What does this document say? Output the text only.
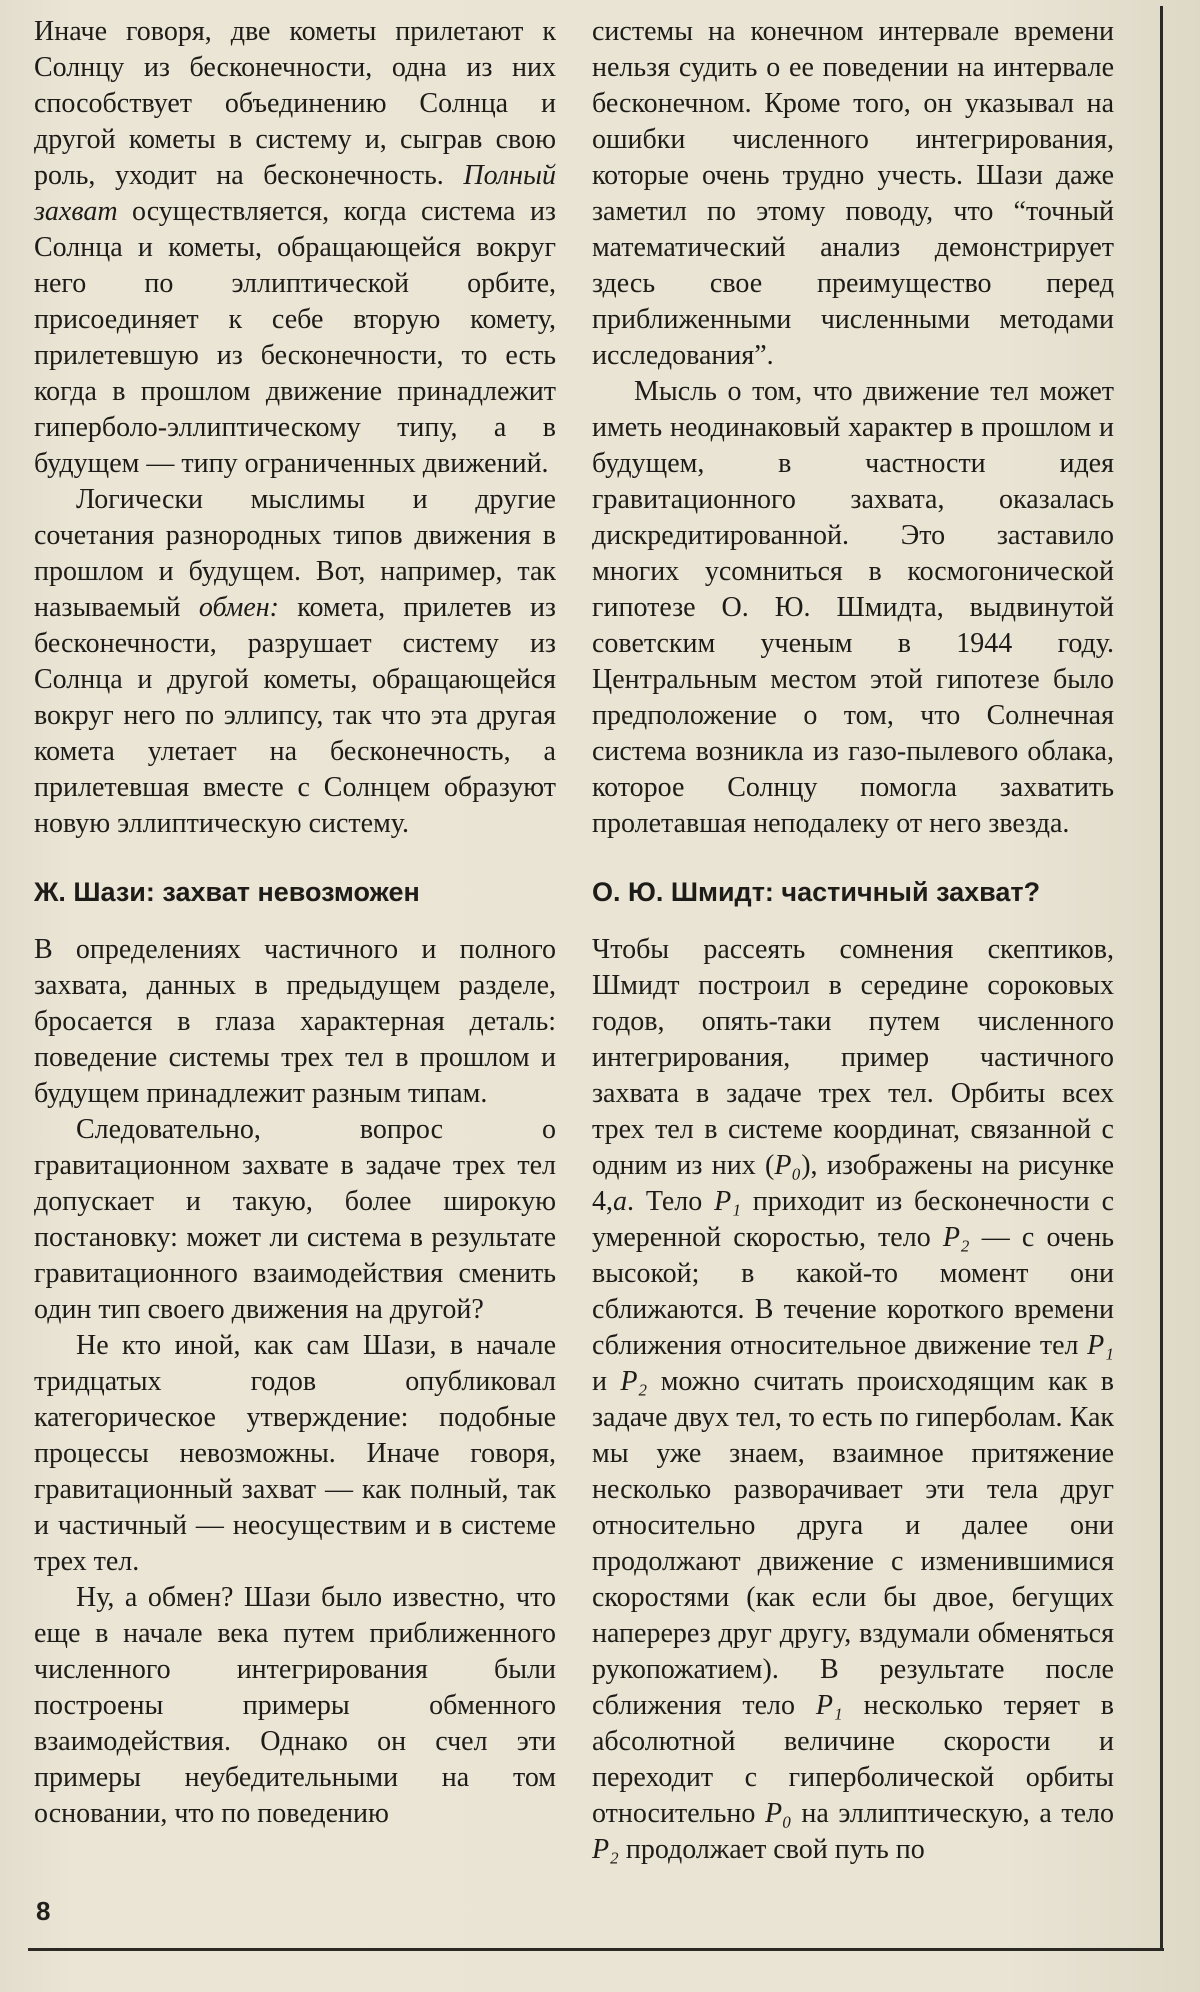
Иначе говоря, две кометы прилетают к Солнцу из бесконечности, одна из них способствует объединению Солнца и другой кометы в систему и, сыграв свою роль, уходит на бесконечность. Полный захват осуществляется, когда система из Солнца и кометы, обращающейся вокруг него по эллиптической орбите, присоединяет к себе вторую комету, прилетевшую из бесконечности, то есть когда в прошлом движение принадлежит гиперболо-эллиптическому типу, а в будущем — типу ограниченных движений.

Логически мыслимы и другие сочетания разнородных типов движения в прошлом и будущем. Вот, например, так называемый обмен: комета, прилетев из бесконечности, разрушает систему из Солнца и другой кометы, обращающейся вокруг него по эллипсу, так что эта другая комета улетает на бесконечность, а прилетевшая вместе с Солнцем образуют новую эллиптическую систему.

Ж. Шази: захват невозможен

В определениях частичного и полного захвата, данных в предыдущем разделе, бросается в глаза характерная деталь: поведение системы трех тел в прошлом и будущем принадлежит разным типам.

Следовательно, вопрос о гравитационном захвате в задаче трех тел допускает и такую, более широкую постановку: может ли система в результате гравитационного взаимодействия сменить один тип своего движения на другой?

Не кто иной, как сам Шази, в начале тридцатых годов опубликовал категорическое утверждение: подобные процессы невозможны. Иначе говоря, гравитационный захват — как полный, так и частичный — неосуществим и в системе трех тел.

Ну, а обмен? Шази было известно, что еще в начале века путем приближенного численного интегрирования были построены примеры обменного взаимодействия. Однако он счел эти примеры неубедительными на том основании, что по поведению

системы на конечном интервале времени нельзя судить о ее поведении на интервале бесконечном. Кроме того, он указывал на ошибки численного интегрирования, которые очень трудно учесть. Шази даже заметил по этому поводу, что “точный математический анализ демонстрирует здесь свое преимущество перед приближенными численными методами исследования”.

Мысль о том, что движение тел может иметь неодинаковый характер в прошлом и будущем, в частности идея гравитационного захвата, оказалась дискредитированной. Это заставило многих усомниться в космогонической гипотезе О. Ю. Шмидта, выдвинутой советским ученым в 1944 году. Центральным местом этой гипотезе было предположение о том, что Солнечная система возникла из газо-пылевого облака, которое Солнцу помогла захватить пролетавшая неподалеку от него звезда.

О. Ю. Шмидт: частичный захват?

Чтобы рассеять сомнения скептиков, Шмидт построил в середине сороковых годов, опять-таки путем численного интегрирования, пример частичного захвата в задаче трех тел. Орбиты всех трех тел в системе координат, связанной с одним из них (P₀), изображены на рисунке 4,а. Тело P₁ приходит из бесконечности с умеренной скоростью, тело P₂ — с очень высокой; в какой-то момент они сближаются. В течение короткого времени сближения относительное движение тел P₁ и P₂ можно считать происходящим как в задаче двух тел, то есть по гиперболам. Как мы уже знаем, взаимное притяжение несколько разворачивает эти тела друг относительно друга и далее они продолжают движение с изменившимися скоростями (как если бы двое, бегущих наперерез друг другу, вздумали обменяться рукопожатием). В результате после сближения тело P₁ несколько теряет в абсолютной величине скорости и переходит с гиперболической орбиты относительно P₀ на эллиптическую, а тело P₂ продолжает свой путь по

8
